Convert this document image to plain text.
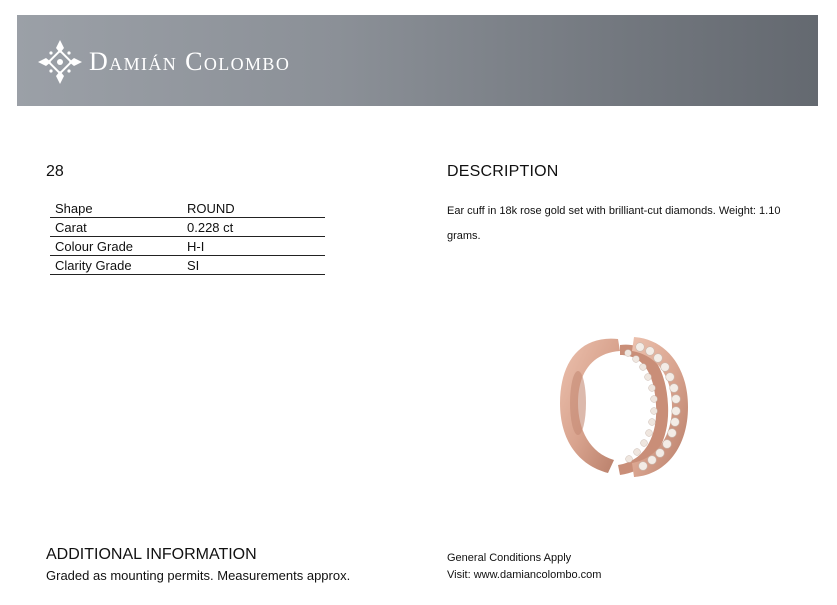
Damián Colombo
28
Shape	ROUND
Carat	0.228 ct
Colour Grade	H-I
Clarity Grade	SI
DESCRIPTION
Ear cuff in 18k rose gold set with brilliant-cut diamonds. Weight: 1.10 grams.
ADDITIONAL INFORMATION
Graded as mounting permits. Measurements approx.
General Conditions Apply
Visit: www.damiancolombo.com
